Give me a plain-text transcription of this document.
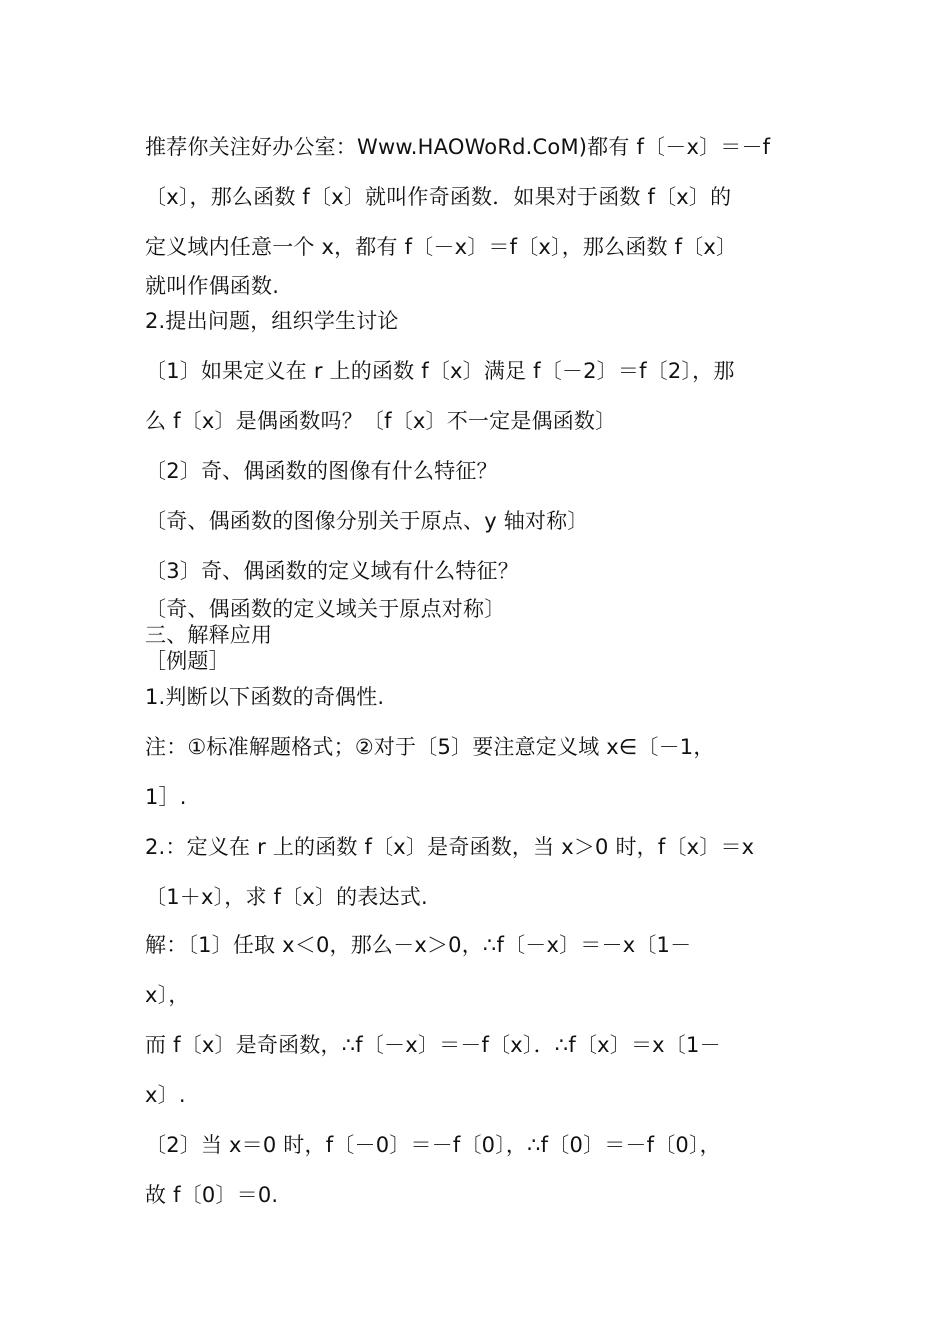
推荐你关注好办公室：Www.HAOWoRd.CoM)都有 f〔－x〕＝－f
〔x〕，那么函数 f〔x〕就叫作奇函数．如果对于函数 f〔x〕的
定义域内任意一个 x，都有 f〔－x〕＝f〔x〕，那么函数 f〔x〕
就叫作偶函数.
2.提出问题，组织学生讨论
〔1〕如果定义在 r 上的函数 f〔x〕满足 f〔－2〕＝f〔2〕，那
么 f〔x〕是偶函数吗？〔f〔x〕不一定是偶函数〕
〔2〕奇、偶函数的图像有什么特征？
〔奇、偶函数的图像分别关于原点、y 轴对称〕
〔3〕奇、偶函数的定义域有什么特征？
〔奇、偶函数的定义域关于原点对称〕
三、解释应用
［例题］
1.判断以下函数的奇偶性.
注：①标准解题格式；②对于〔5〕要注意定义域 x∈〔－1，
1］.
2.：定义在 r 上的函数 f〔x〕是奇函数，当 x＞0 时，f〔x〕＝x
〔1＋x〕，求 f〔x〕的表达式.
解：〔1〕任取 x＜0，那么－x＞0，∴f〔－x〕＝－x〔1－
x〕，
而 f〔x〕是奇函数，∴f〔－x〕＝－f〔x〕．∴f〔x〕＝x〔1－
x〕.
〔2〕当 x＝0 时，f〔－0〕＝－f〔0〕，∴f〔0〕＝－f〔0〕，
故 f〔0〕＝0.
